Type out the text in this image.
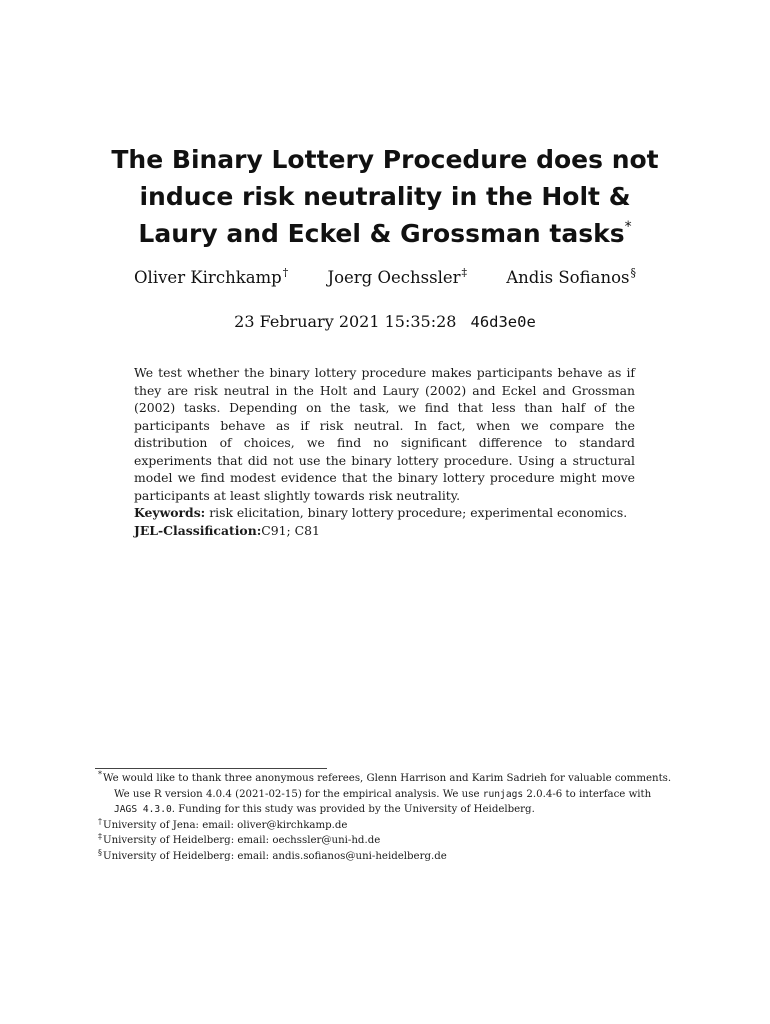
The Binary Lottery Procedure does not
induce risk neutrality in the Holt &
Laury and Eckel & Grossman tasks*
Oliver Kirchkamp† Joerg Oechssler‡ Andis Sofianos§
23 February 2021 15:35:28 46d3e0e

We test whether the binary lottery procedure makes participants behave as if they are risk neutral in the Holt and Laury (2002) and Eckel and Grossman (2002) tasks. Depending on the task, we find that less than half of the participants behave as if risk neutral. In fact, when we compare the distribution of choices, we find no significant difference to standard experiments that did not use the binary lottery procedure. Using a structural model we find modest evidence that the binary lottery procedure might move participants at least slightly towards risk neutrality.

Keywords: risk elicitation, binary lottery procedure; experimental economics.

JEL-Classification:C91; C81

*We would like to thank three anonymous referees, Glenn Harrison and Karim Sadrieh for valuable comments.
We use R version 4.0.4 (2021-02-15) for the empirical analysis. We use runjags 2.0.4-6 to interface with
JAGS 4.3.0. Funding for this study was provided by the University of Heidelberg.

†University of Jena: email: oliver@kirchkamp.de

‡University of Heidelberg: email: oechssler@uni-hd.de

§University of Heidelberg: email: andis.sofianos@uni-heidelberg.de
